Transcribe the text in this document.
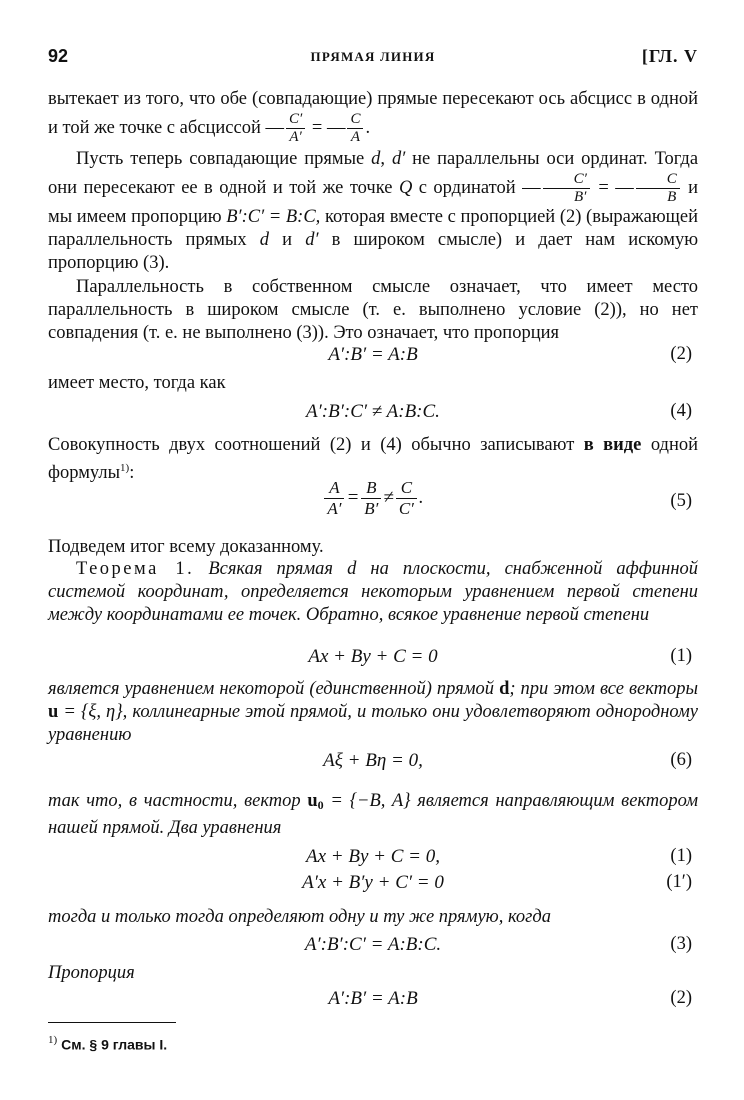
92	ПРЯМАЯ ЛИНИЯ	[ГЛ. V

вытекает из того, что обе (совпадающие) прямые пересекают ось абсцисс в одной и той же точке с абсциссой — $\frac{C'}{A'}$ = — $\frac{C}{A}$ .

Пусть теперь совпадающие прямые d, d′ не параллельны оси ординат. Тогда они пересекают ее в одной и той же точке Q с ординатой — $\frac{C'}{B'}$ = — $\frac{C}{B}$ и мы имеем пропорцию B′:C′ = B:C, которая вместе с пропорцией (2) (выражающей параллельность прямых d и d′ в широком смысле) и дает нам искомую пропорцию (3).

Параллельность в собственном смысле означает, что имеет место параллельность в широком смысле (т. е. выполнено условие (2)), но нет совпадения (т. е. не выполнено (3)). Это означает, что пропорция

A′:B′ = A:B	(2)

имеет место, тогда как

A′:B′:C′ ≠ A:B:C.	(4)

Совокупность двух соотношений (2) и (4) обычно записывают в виде одной формулы$^{1)}$:

$\frac{A}{A'} = \frac{B}{B'} \ne \frac{C}{C'}$ .	(5)

Подведем итог всему доказанному.

Теорема 1. Всякая прямая d на плоскости, снабженной аффинной системой координат, определяется некоторым уравнением первой степени между координатами ее точек. Обратно, всякое уравнение первой степени

Ax + By + C = 0	(1)

является уравнением некоторой (единственной) прямой d; при этом все векторы u = {ξ, η}, коллинеарные этой прямой, и только они удовлетворяют однородному уравнению

Aξ + Bη = 0,	(6)

так что, в частности, вектор $u_0 = \{-B$, A} является направляющим вектором нашей прямой. Два уравнения

Ax + By + C = 0,	(1)
A′x + B′y + C′ = 0	(1′)

тогда и только тогда определяют одну и ту же прямую, когда

A′:B′:C′ = A:B:C.	(3)

Пропорция

A′:B′ = A:B	(2)
$^{1)}$ См. § 9 главы I.
